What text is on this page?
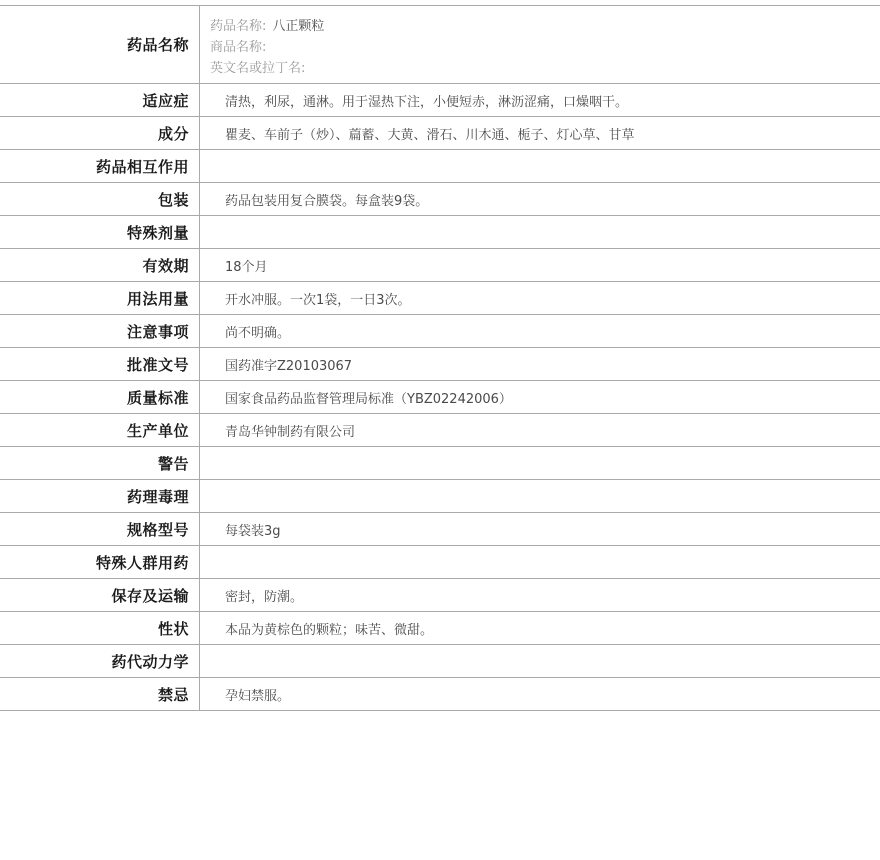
药品名称
药品名称: 八正颗粒
商品名称:
英文名或拉丁名:
适应症	清热，利尿，通淋。用于湿热下注，小便短赤，淋沥涩痛，口燥咽干。
成分	瞿麦、车前子（炒）、萹蓄、大黄、滑石、川木通、栀子、灯心草、甘草
药品相互作用
包装	药品包装用复合膜袋。每盒装9袋。
特殊剂量
有效期	18个月
用法用量	开水冲服。一次1袋，一日3次。
注意事项	尚不明确。
批准文号	国药准字Z20103067
质量标准	国家食品药品监督管理局标准（YBZ02242006）
生产单位	青岛华钟制药有限公司
警告
药理毒理
规格型号	每袋装3g
特殊人群用药
保存及运输	密封，防潮。
性状	本品为黄棕色的颗粒；味苦、微甜。
药代动力学
禁忌	孕妇禁服。
